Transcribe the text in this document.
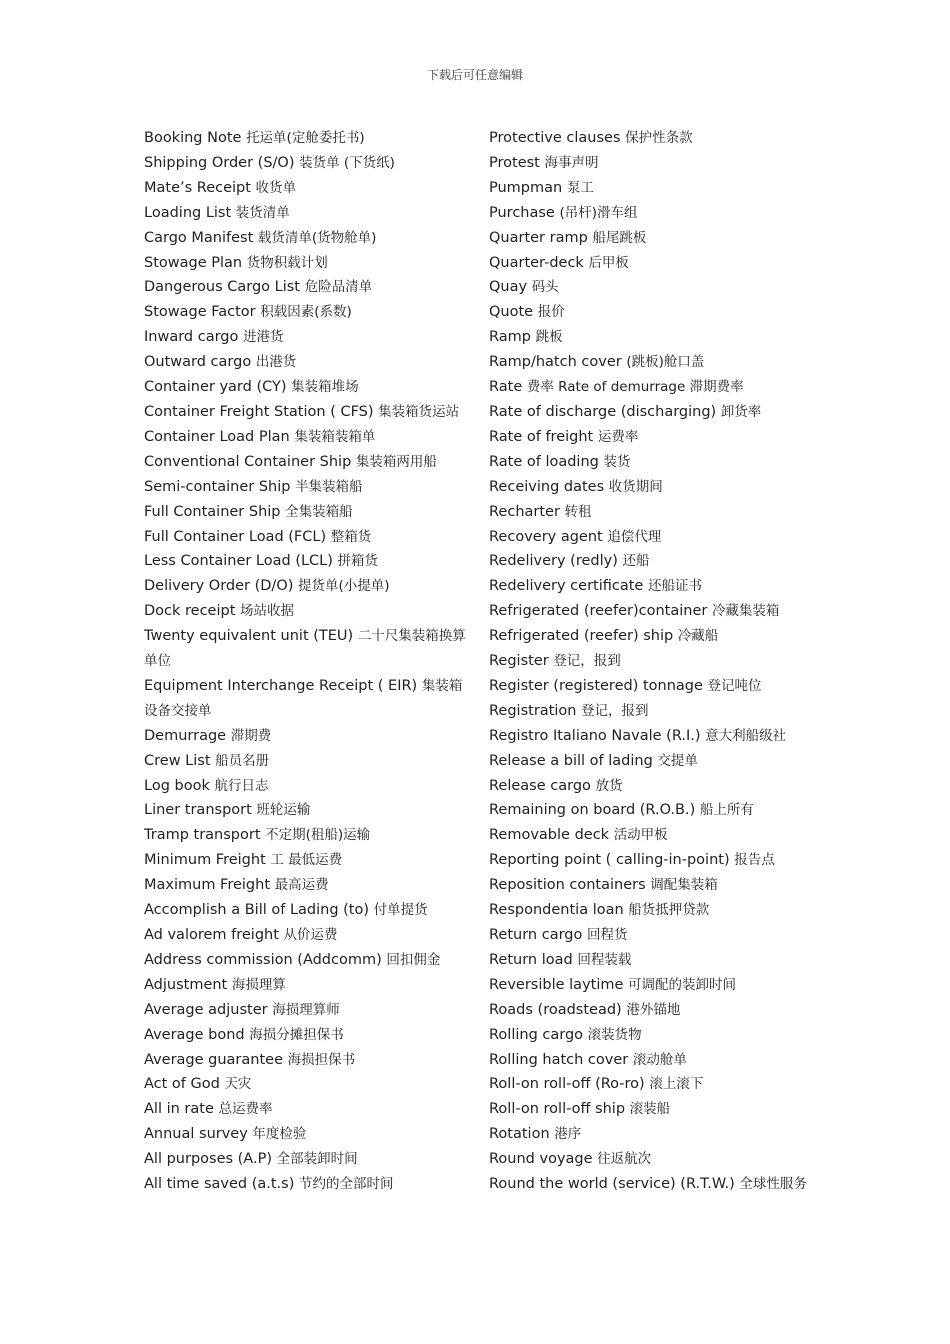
下载后可任意编辑
Booking Note 托运单(定舱委托书)
Shipping Order (S/O) 装货单 (下货纸)
Mate’s Receipt 收货单
Loading List 装货清单
Cargo Manifest 载货清单(货物舱单)
Stowage Plan 货物积载计划
Dangerous Cargo List 危险品清单
Stowage Factor 积载因素(系数)
Inward cargo 进港货
Outward cargo 出港货
Container yard (CY) 集装箱堆场
Container Freight Station ( CFS) 集装箱货运站
Container Load Plan 集装箱装箱单
Conventional Container Ship 集装箱两用船
Semi-container Ship 半集装箱船
Full Container Ship 全集装箱船
Full Container Load (FCL) 整箱货
Less Container Load (LCL) 拼箱货
Delivery Order (D/O) 提货单(小提单)
Dock receipt 场站收据
Twenty equivalent unit (TEU) 二十尺集装箱换算单位
Equipment Interchange Receipt ( EIR) 集装箱设备交接单
Demurrage 滞期费
Crew List 船员名册
Log book 航行日志
Liner transport 班轮运输
Tramp transport 不定期(租船)运输
Minimum Freight 工 最低运费
Maximum Freight 最高运费
Accomplish a Bill of Lading (to) 付单提货
Ad valorem freight 从价运费
Address commission (Addcomm) 回扣佣金
Adjustment 海损理算
Average adjuster 海损理算师
Average bond 海损分摊担保书
Average guarantee 海损担保书
Act of God 天灾
All in rate 总运费率
Annual survey 年度检验
All purposes (A.P) 全部装卸时间
All time saved (a.t.s) 节约的全部时间
Protective clauses 保护性条款
Protest 海事声明
Pumpman 泵工
Purchase (吊杆)滑车组
Quarter ramp 船尾跳板
Quarter-deck 后甲板
Quay 码头
Quote 报价
Ramp 跳板
Ramp/hatch cover (跳板)舱口盖
Rate 费率 Rate of demurrage 滞期费率
Rate of discharge (discharging) 卸货率
Rate of freight 运费率
Rate of loading 装货
Receiving dates 收货期间
Recharter 转租
Recovery agent 追偿代理
Redelivery (redly) 还船
Redelivery certificate 还船证书
Refrigerated (reefer)container 冷藏集装箱
Refrigerated (reefer) ship 冷藏船
Register 登记，报到
Register (registered) tonnage 登记吨位
Registration 登记，报到
Registro Italiano Navale (R.I.) 意大利船级社
Release a bill of lading 交提单
Release cargo 放货
Remaining on board (R.O.B.) 船上所有
Removable deck 活动甲板
Reporting point ( calling-in-point) 报告点
Reposition containers 调配集装箱
Respondentia loan 船货抵押贷款
Return cargo 回程货
Return load 回程装载
Reversible laytime 可调配的装卸时间
Roads (roadstead) 港外锚地
Rolling cargo 滚装货物
Rolling hatch cover 滚动舱单
Roll-on roll-off (Ro-ro) 滚上滚下
Roll-on roll-off ship 滚装船
Rotation 港序
Round voyage 往返航次
Round the world (service) (R.T.W.) 全球性服务
